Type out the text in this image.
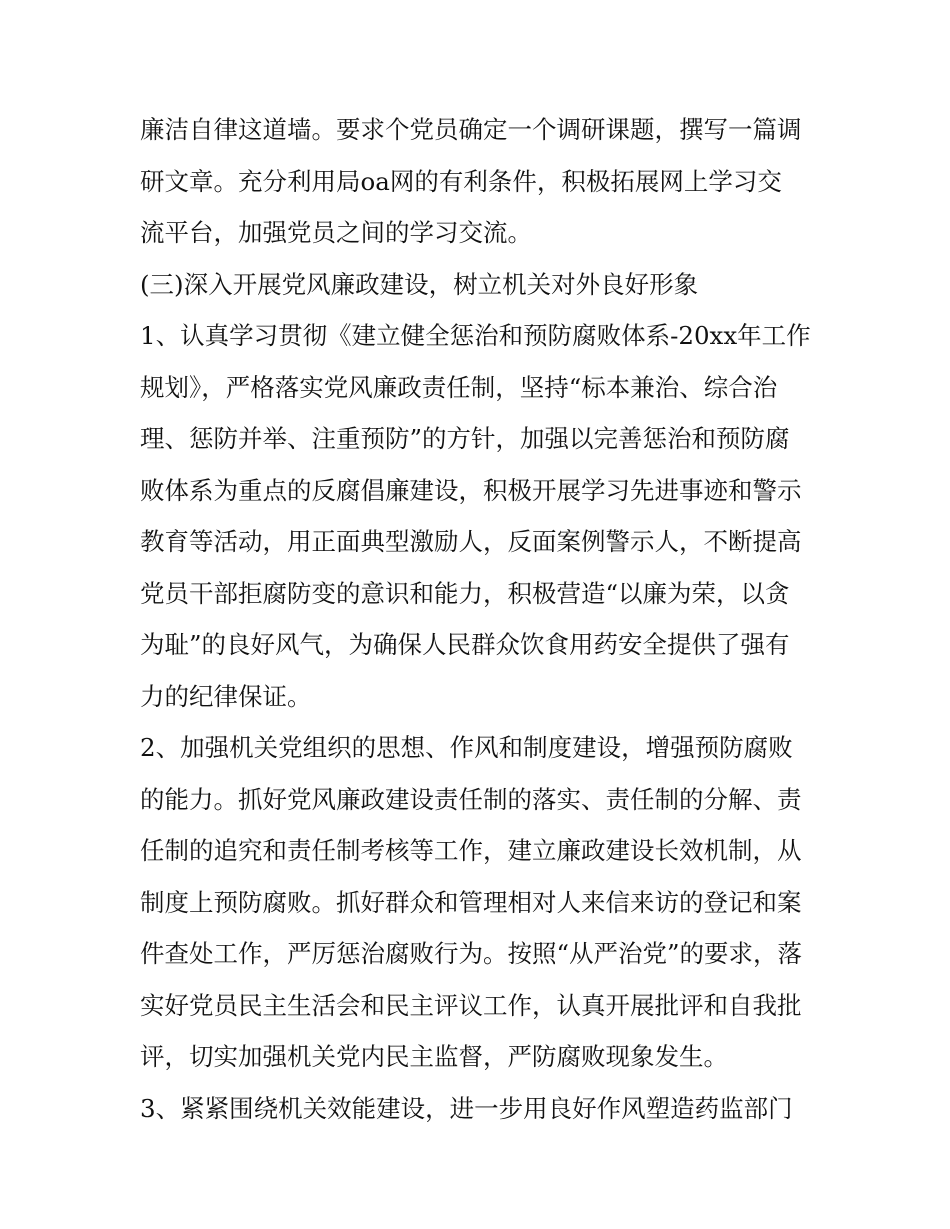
廉洁自律这道墙。要求个党员确定一个调研课题，撰写一篇调
研文章。充分利用局oa网的有利条件，积极拓展网上学习交
流平台，加强党员之间的学习交流。
(三)深入开展党风廉政建设，树立机关对外良好形象
1、认真学习贯彻《建立健全惩治和预防腐败体系-20xx年工作
规划》，严格落实党风廉政责任制，坚持“标本兼治、综合治
理、惩防并举、注重预防”的方针，加强以完善惩治和预防腐
败体系为重点的反腐倡廉建设，积极开展学习先进事迹和警示
教育等活动，用正面典型激励人，反面案例警示人，不断提高
党员干部拒腐防变的意识和能力，积极营造“以廉为荣，以贪
为耻”的良好风气，为确保人民群众饮食用药安全提供了强有
力的纪律保证。
2、加强机关党组织的思想、作风和制度建设，增强预防腐败
的能力。抓好党风廉政建设责任制的落实、责任制的分解、责
任制的追究和责任制考核等工作，建立廉政建设长效机制，从
制度上预防腐败。抓好群众和管理相对人来信来访的登记和案
件查处工作，严厉惩治腐败行为。按照“从严治党”的要求，落
实好党员民主生活会和民主评议工作，认真开展批评和自我批
评，切实加强机关党内民主监督，严防腐败现象发生。
3、紧紧围绕机关效能建设，进一步用良好作风塑造药监部门
